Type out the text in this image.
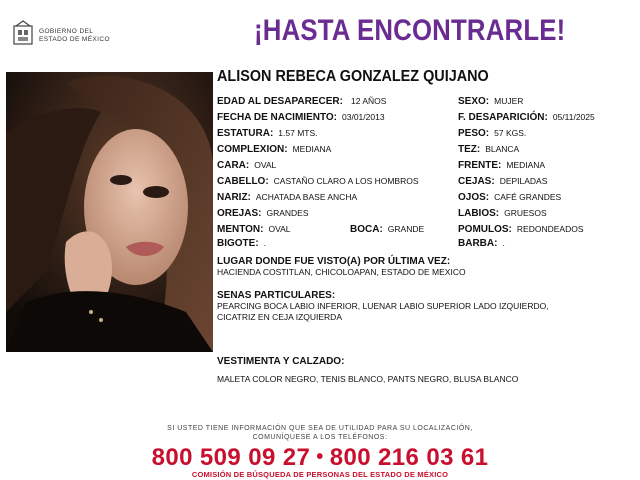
GOBIERNO DEL
ESTADO DE MÉXICO	¡HASTA ENCONTRARLE!
ALISON REBECA GONZALEZ QUIJANO
EDAD AL DESAPARECER: 12 AÑOS
FECHA DE NACIMIENTO: 03/01/2013
ESTATURA: 1.57 MTS.
COMPLEXION: MEDIANA
CARA: OVAL
CABELLO: CASTAÑO CLARO A LOS HOMBROS
NARIZ: ACHATADA BASE ANCHA
OREJAS: GRANDES
MENTON: OVAL	BOCA: GRANDE
BIGOTE: .
SEXO: MUJER
F. DESAPARICIÓN: 05/11/2025
PESO: 57 KGS.
TEZ: BLANCA
FRENTE: MEDIANA
CEJAS: DEPILADAS
OJOS: CAFÉ GRANDES
LABIOS: GRUESOS
POMULOS: REDONDEADOS
BARBA: .
LUGAR DONDE FUE VISTO(A) POR ÚLTIMA VEZ:
HACIENDA COSTITLAN, CHICOLOAPAN, ESTADO DE MEXICO
SENAS PARTICULARES:
PEARCING BOCA LABIO INFERIOR, LUENAR LABIO SUPERIOR LADO IZQUIERDO,
CICATRIZ EN CEJA IZQUIERDA
VESTIMENTA Y CALZADO:
MALETA COLOR NEGRO, TENIS BLANCO, PANTS NEGRO, BLUSA BLANCO
SI USTED TIENE INFORMACIÓN QUE SEA DE UTILIDAD PARA SU LOCALIZACIÓN,
COMUNÍQUESE A LOS TELÉFONOS:
800 509 09 27 • 800 216 03 61
COMISIÓN DE BÚSQUEDA DE PERSONAS DEL ESTADO DE MÉXICO
